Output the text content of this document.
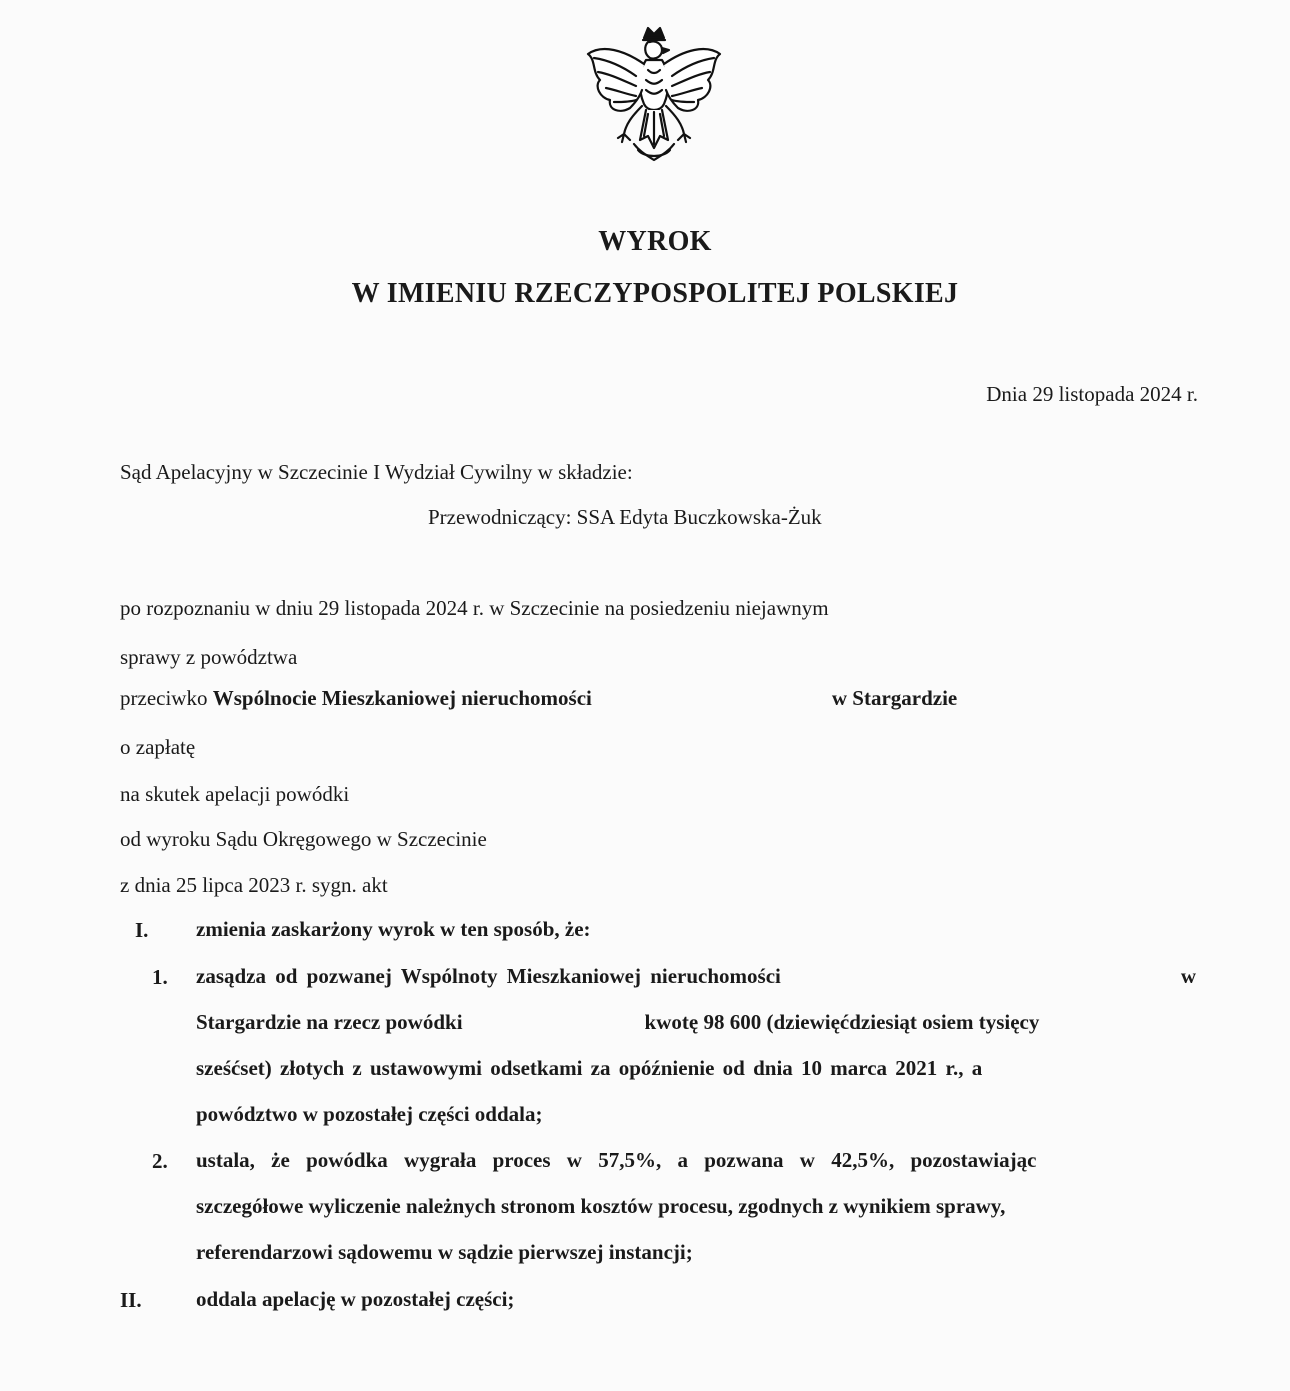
WYROK
W IMIENIU RZECZYPOSPOLITEJ POLSKIEJ
Dnia 29 listopada 2024 r.
Sąd Apelacyjny w Szczecinie I Wydział Cywilny w składzie:
Przewodniczący: SSA Edyta Buczkowska-Żuk
po rozpoznaniu w dniu 29 listopada 2024 r. w Szczecinie na posiedzeniu niejawnym
sprawy z powództwa
przeciwko Wspólnocie Mieszkaniowej nieruchomości	w Stargardzie
o zapłatę
na skutek apelacji powódki
od wyroku Sądu Okręgowego w Szczecinie
z dnia 25 lipca 2023 r. sygn. akt
I. zmienia zaskarżony wyrok w ten sposób, że:
1. zasądza od pozwanej Wspólnoty Mieszkaniowej nieruchomości	w
Stargardzie na rzecz powódki	kwotę 98 600 (dziewięćdziesiąt osiem tysięcy
sześćset) złotych z ustawowymi odsetkami za opóźnienie od dnia 10 marca 2021 r., a
powództwo w pozostałej części oddala;
2. ustala, że powódka wygrała proces w 57,5%, a pozwana w 42,5%, pozostawiając
szczegółowe wyliczenie należnych stronom kosztów procesu, zgodnych z wynikiem sprawy,
referendarzowi sądowemu w sądzie pierwszej instancji;
II.	oddala apelację w pozostałej części;
